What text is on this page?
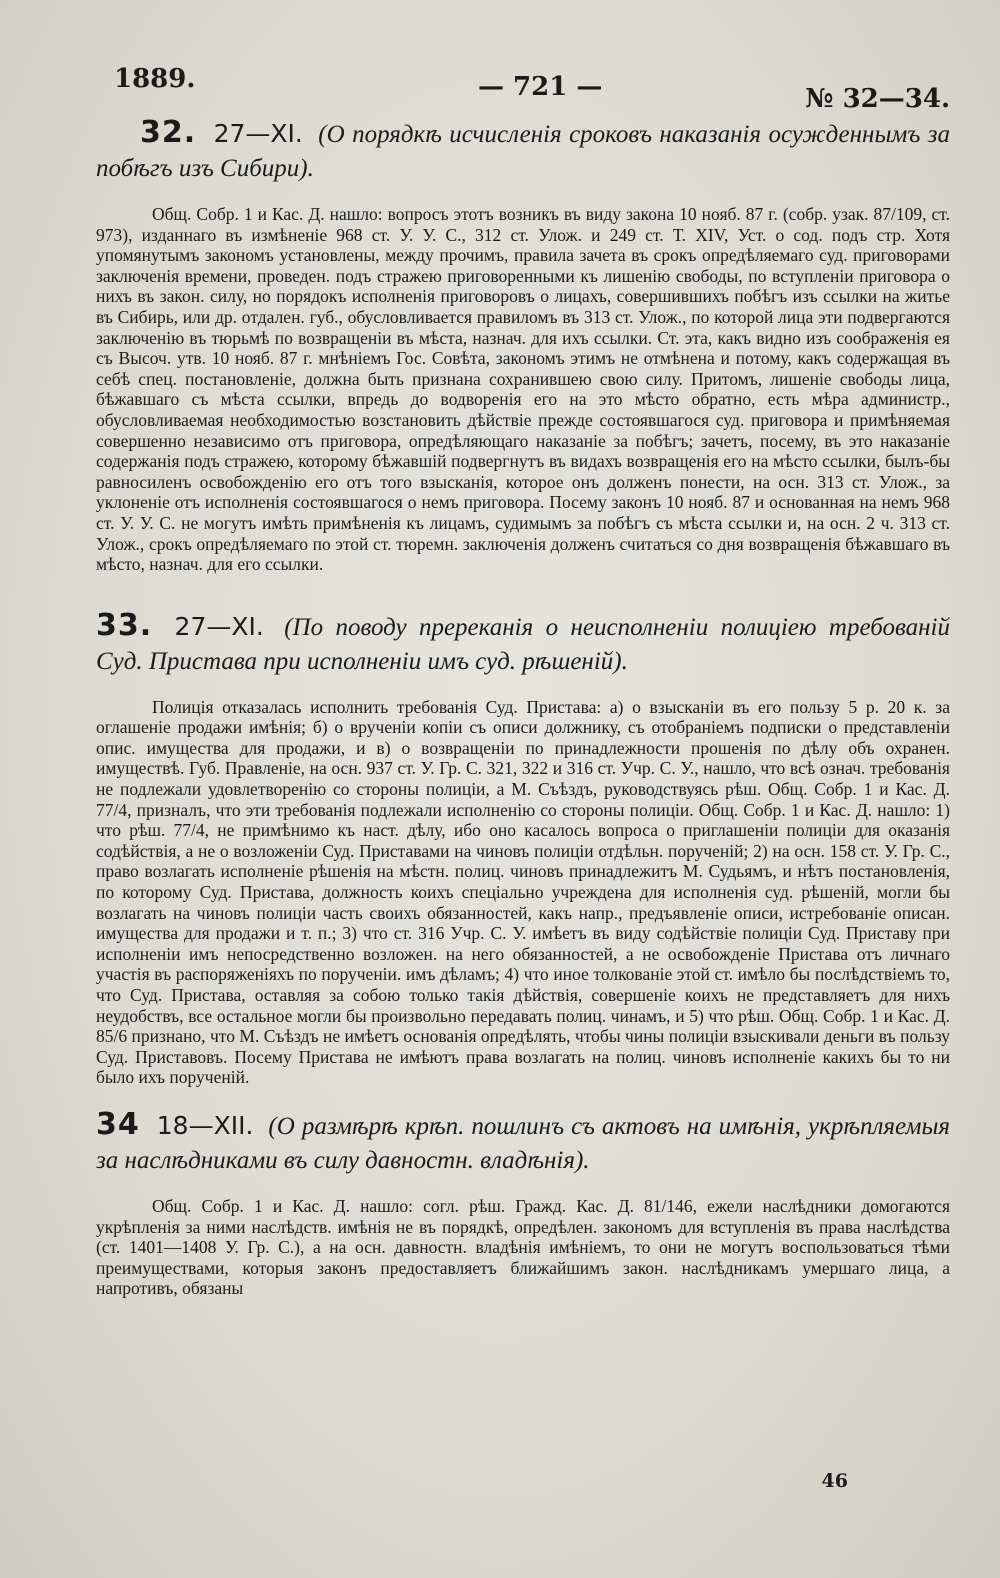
1889.	— 721 —	№ 32—34.

32. 27—XI. (О порядкѣ исчисленія сроковъ наказанія осужденнымъ за побѣгъ изъ Сибири).

Общ. Собр. 1 и Кас. Д. нашло: вопросъ этотъ возникъ въ виду закона 10 нояб. 87 г. (собр. узак. 87/109, ст. 973), изданнаго въ измѣненіе 968 ст. У. У. С., 312 ст. Улож. и 249 ст. Т. XIV, Уст. о сод. подъ стр. Хотя упомянутымъ закономъ установлены, между прочимъ, правила зачета въ срокъ опредѣляемаго суд. приговорами заключенія времени, проведен. подъ стражею приговоренными къ лишенію свободы, по вступленіи приговора о нихъ въ закон. силу, но порядокъ исполненія приговоровъ о лицахъ, совершившихъ побѣгъ изъ ссылки на житье въ Сибирь, или др. отдален. губ., обусловливается правиломъ въ 313 ст. Улож., по которой лица эти подвергаются заключенію въ тюрьмѣ по возвращеніи въ мѣста, назнач. для ихъ ссылки. Ст. эта, какъ видно изъ соображенія ея съ Высоч. утв. 10 нояб. 87 г. мнѣніемъ Гос. Совѣта, закономъ этимъ не отмѣнена и потому, какъ содержащая въ себѣ спец. постановленіе, должна быть признана сохранившею свою силу. Притомъ, лишеніе свободы лица, бѣжавшаго съ мѣста ссылки, впредь до водворенія его на это мѣсто обратно, есть мѣра администр., обусловливаемая необходимостью возстановить дѣйствіе прежде состоявшагося суд. приговора и примѣняемая совершенно независимо отъ приговора, опредѣляющаго наказаніе за побѣгъ; зачетъ, посему, въ это наказаніе содержанія подъ стражею, которому бѣжавшій подвергнутъ въ видахъ возвращенія его на мѣсто ссылки, былъ-бы равносиленъ освобожденію его отъ того взысканія, которое онъ долженъ понести, на осн. 313 ст. Улож., за уклоненіе отъ исполненія состоявшагося о немъ приговора. Посему законъ 10 нояб. 87 и основанная на немъ 968 ст. У. У. С. не могутъ имѣть примѣненія къ лицамъ, судимымъ за побѣгъ съ мѣста ссылки и, на осн. 2 ч. 313 ст. Улож., срокъ опредѣляемаго по этой ст. тюремн. заключенія долженъ считаться со дня возвращенія бѣжавшаго въ мѣсто, назнач. для его ссылки.

33. 27—XI. (По поводу пререканія о неисполненіи полиціею требованій Суд. Пристава при исполненіи имъ суд. рѣшеній).

Полиція отказалась исполнить требованія Суд. Пристава: а) о взысканіи въ его пользу 5 р. 20 к. за оглашеніе продажи имѣнія; б) о врученіи копіи съ описи должнику, съ отобраніемъ подписки о представленіи опис. имущества для продажи, и в) о возвращеніи по принадлежности прошенія по дѣлу объ охранен. имуществѣ. Губ. Правленіе, на осн. 937 ст. У. Гр. С. 321, 322 и 316 ст. Учр. С. У., нашло, что всѣ означ. требованія не подлежали удовлетворенію со стороны полиціи, а М. Съѣздъ, руководствуясь рѣш. Общ. Собр. 1 и Кас. Д. 77/4, призналъ, что эти требованія подлежали исполненію со стороны полиціи. Общ. Собр. 1 и Кас. Д. нашло: 1) что рѣш. 77/4, не примѣнимо къ наст. дѣлу, ибо оно касалось вопроса о приглашеніи полиціи для оказанія содѣйствія, а не о возложеніи Суд. Приставами на чиновъ полиціи отдѣльн. порученій; 2) на осн. 158 ст. У. Гр. С., право возлагать исполненіе рѣшенія на мѣстн. полиц. чиновъ принадлежитъ М. Судьямъ, и нѣтъ постановленія, по которому Суд. Пристава, должность коихъ спеціально учреждена для исполненія суд. рѣшеній, могли бы возлагать на чиновъ полиціи часть своихъ обязанностей, какъ напр., предъявленіе описи, истребованіе описан. имущества для продажи и т. п.; 3) что ст. 316 Учр. С. У. имѣетъ въ виду содѣйствіе полиціи Суд. Приставу при исполненіи имъ непосредственно возложен. на него обязанностей, а не освобожденіе Пристава отъ личнаго участія въ распоряженіяхъ по порученіи. имъ дѣламъ; 4) что иное толкованіе этой ст. имѣло бы послѣдствіемъ то, что Суд. Пристава, оставляя за собою только такія дѣйствія, совершеніе коихъ не представляетъ для нихъ неудобствъ, все остальное могли бы произвольно передавать полиц. чинамъ, и 5) что рѣш. Общ. Собр. 1 и Кас. Д. 85/6 признано, что М. Съѣздъ не имѣетъ основанія опредѣлять, чтобы чины полиціи взыскивали деньги въ пользу Суд. Приставовъ. Посему Пристава не имѣютъ права возлагать на полиц. чиновъ исполненіе какихъ бы то ни было ихъ порученій.

34 18—XII. (О размѣрѣ крѣп. пошлинъ съ актовъ на имѣнія, укрѣпляемыя за наслѣдниками въ силу давностн. владѣнія).

Общ. Собр. 1 и Кас. Д. нашло: согл. рѣш. Гражд. Кас. Д. 81/146, ежели наслѣдники домогаются укрѣпленія за ними наслѣдств. имѣнія не въ порядкѣ, опредѣлен. закономъ для вступленія въ права наслѣдства (ст. 1401—1408 У. Гр. С.), а на осн. давностн. владѣнія имѣніемъ, то они не могутъ воспользоваться тѣми преимуществами, которыя законъ предоставляетъ ближайшимъ закон. наслѣдникамъ умершаго лица, а напротивъ, обязаны

46
